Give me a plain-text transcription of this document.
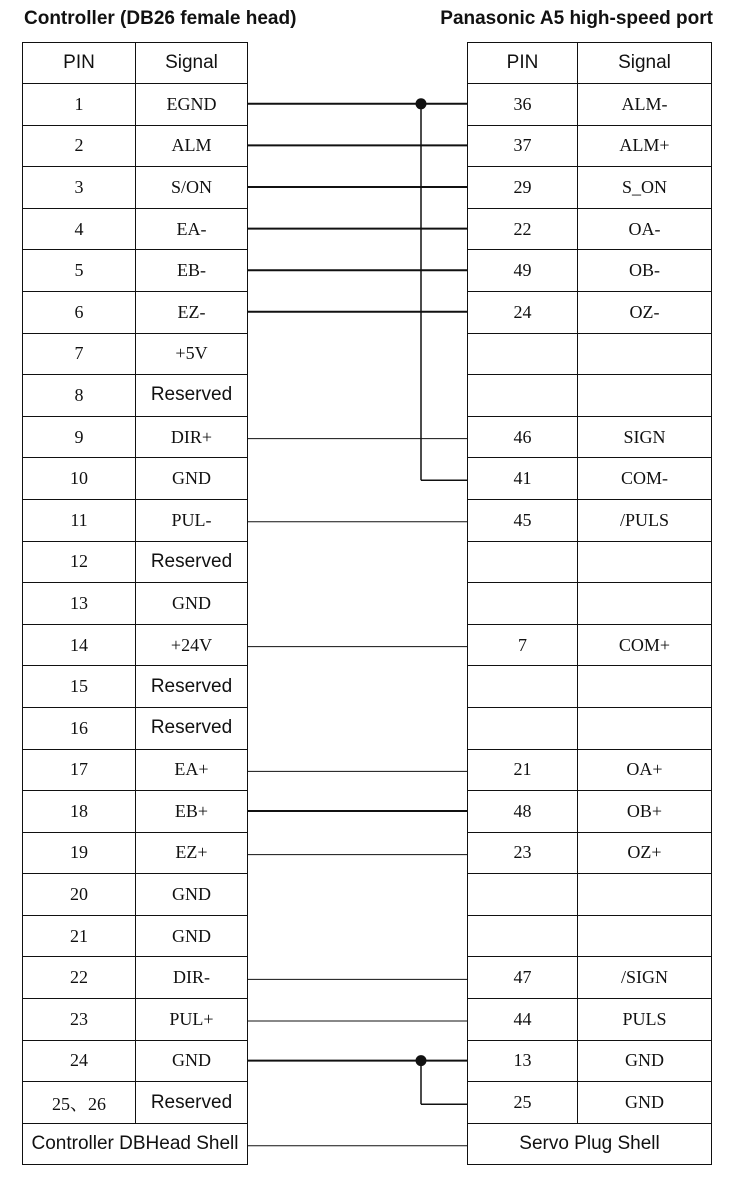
Controller (DB26 female head)	Panasonic A5 high-speed port
PIN	Signal
1	EGND
2	ALM
3	S/ON
4	EA-
5	EB-
6	EZ-
7	+5V
8	Reserved
9	DIR+
10	GND
11	PUL-
12	Reserved
13	GND
14	+24V
15	Reserved
16	Reserved
17	EA+
18	EB+
19	EZ+
20	GND
21	GND
22	DIR-
23	PUL+
24	GND
25、26	Reserved
Controller DBHead Shell	
PIN	Signal
36	ALM-
37	ALM+
29	S_ON
22	OA-
49	OB-
24	OZ-

46	SIGN
41	COM-
45	/PULS

7	COM+

21	OA+
48	OB+
23	OZ+

47	/SIGN
44	PULS
13	GND
25	GND
Servo Plug Shell	
